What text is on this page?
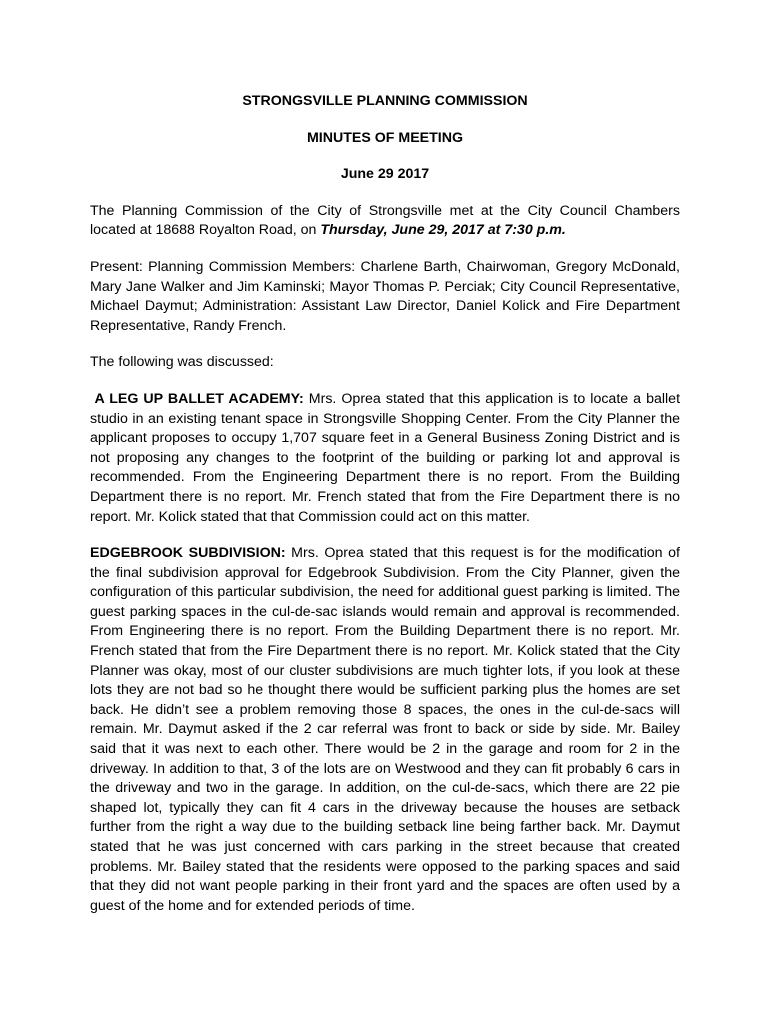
STRONGSVILLE PLANNING COMMISSION
MINUTES OF MEETING
June 29 2017

The Planning Commission of the City of Strongsville met at the City Council Chambers located at 18688 Royalton Road, on Thursday, June 29, 2017 at 7:30 p.m.

Present: Planning Commission Members: Charlene Barth, Chairwoman, Gregory McDonald, Mary Jane Walker and Jim Kaminski; Mayor Thomas P. Perciak; City Council Representative, Michael Daymut; Administration: Assistant Law Director, Daniel Kolick and Fire Department Representative, Randy French.

The following was discussed:

A LEG UP BALLET ACADEMY: Mrs. Oprea stated that this application is to locate a ballet studio in an existing tenant space in Strongsville Shopping Center. From the City Planner the applicant proposes to occupy 1,707 square feet in a General Business Zoning District and is not proposing any changes to the footprint of the building or parking lot and approval is recommended. From the Engineering Department there is no report. From the Building Department there is no report. Mr. French stated that from the Fire Department there is no report. Mr. Kolick stated that that Commission could act on this matter.

EDGEBROOK SUBDIVISION: Mrs. Oprea stated that this request is for the modification of the final subdivision approval for Edgebrook Subdivision. From the City Planner, given the configuration of this particular subdivision, the need for additional guest parking is limited. The guest parking spaces in the cul-de-sac islands would remain and approval is recommended. From Engineering there is no report. From the Building Department there is no report. Mr. French stated that from the Fire Department there is no report. Mr. Kolick stated that the City Planner was okay, most of our cluster subdivisions are much tighter lots, if you look at these lots they are not bad so he thought there would be sufficient parking plus the homes are set back. He didn’t see a problem removing those 8 spaces, the ones in the cul-de-sacs will remain. Mr. Daymut asked if the 2 car referral was front to back or side by side. Mr. Bailey said that it was next to each other. There would be 2 in the garage and room for 2 in the driveway. In addition to that, 3 of the lots are on Westwood and they can fit probably 6 cars in the driveway and two in the garage. In addition, on the cul-de-sacs, which there are 22 pie shaped lot, typically they can fit 4 cars in the driveway because the houses are setback further from the right a way due to the building setback line being farther back. Mr. Daymut stated that he was just concerned with cars parking in the street because that created problems. Mr. Bailey stated that the residents were opposed to the parking spaces and said that they did not want people parking in their front yard and the spaces are often used by a guest of the home and for extended periods of time.
